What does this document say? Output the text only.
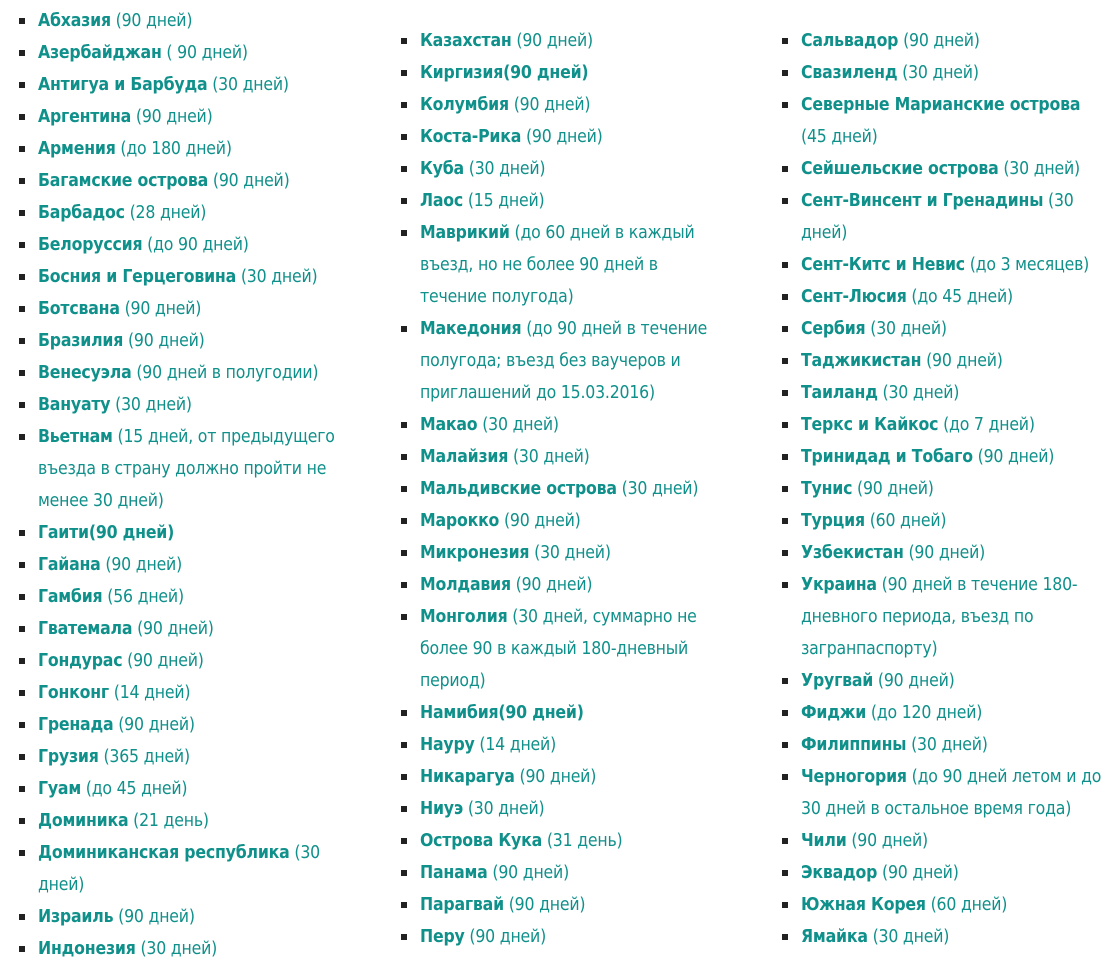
Абхазия (90 дней)
Азербайджан ( 90 дней)
Антигуа и Барбуда (30 дней)
Аргентина (90 дней)
Армения (до 180 дней)
Багамские острова (90 дней)
Барбадос (28 дней)
Белоруссия (до 90 дней)
Босния и Герцеговина (30 дней)
Ботсвана (90 дней)
Бразилия (90 дней)
Венесуэла (90 дней в полугодии)
Вануату (30 дней)
Вьетнам (15 дней, от предыдущего въезда в страну должно пройти не менее 30 дней)
Гаити(90 дней)
Гайана (90 дней)
Гамбия (56 дней)
Гватемала (90 дней)
Гондурас (90 дней)
Гонконг (14 дней)
Гренада (90 дней)
Грузия (365 дней)
Гуам (до 45 дней)
Доминика (21 день)
Доминиканская республика (30 дней)
Израиль (90 дней)
Индонезия (30 дней)
Казахстан (90 дней)
Киргизия(90 дней)
Колумбия (90 дней)
Коста-Рика (90 дней)
Куба (30 дней)
Лаос (15 дней)
Маврикий (до 60 дней в каждый въезд, но не более 90 дней в течение полугода)
Македония (до 90 дней в течение полугода; въезд без ваучеров и приглашений до 15.03.2016)
Макао (30 дней)
Малайзия (30 дней)
Мальдивские острова (30 дней)
Марокко (90 дней)
Микронезия (30 дней)
Молдавия (90 дней)
Монголия (30 дней, суммарно не более 90 в каждый 180-дневный период)
Намибия(90 дней)
Науру (14 дней)
Никарагуа (90 дней)
Ниуэ (30 дней)
Острова Кука (31 день)
Панама (90 дней)
Парагвай (90 дней)
Перу (90 дней)
Сальвадор (90 дней)
Свазиленд (30 дней)
Северные Марианские острова (45 дней)
Сейшельские острова (30 дней)
Сент-Винсент и Гренадины (30 дней)
Сент-Китс и Невис (до 3 месяцев)
Сент-Люсия (до 45 дней)
Сербия (30 дней)
Таджикистан (90 дней)
Таиланд (30 дней)
Теркс и Кайкос (до 7 дней)
Тринидад и Тобаго (90 дней)
Тунис (90 дней)
Турция (60 дней)
Узбекистан (90 дней)
Украина (90 дней в течение 180-дневного периода, въезд по загранпаспорту)
Уругвай (90 дней)
Фиджи (до 120 дней)
Филиппины (30 дней)
Черногория (до 90 дней летом и до 30 дней в остальное время года)
Чили (90 дней)
Эквадор (90 дней)
Южная Корея (60 дней)
Ямайка (30 дней)
